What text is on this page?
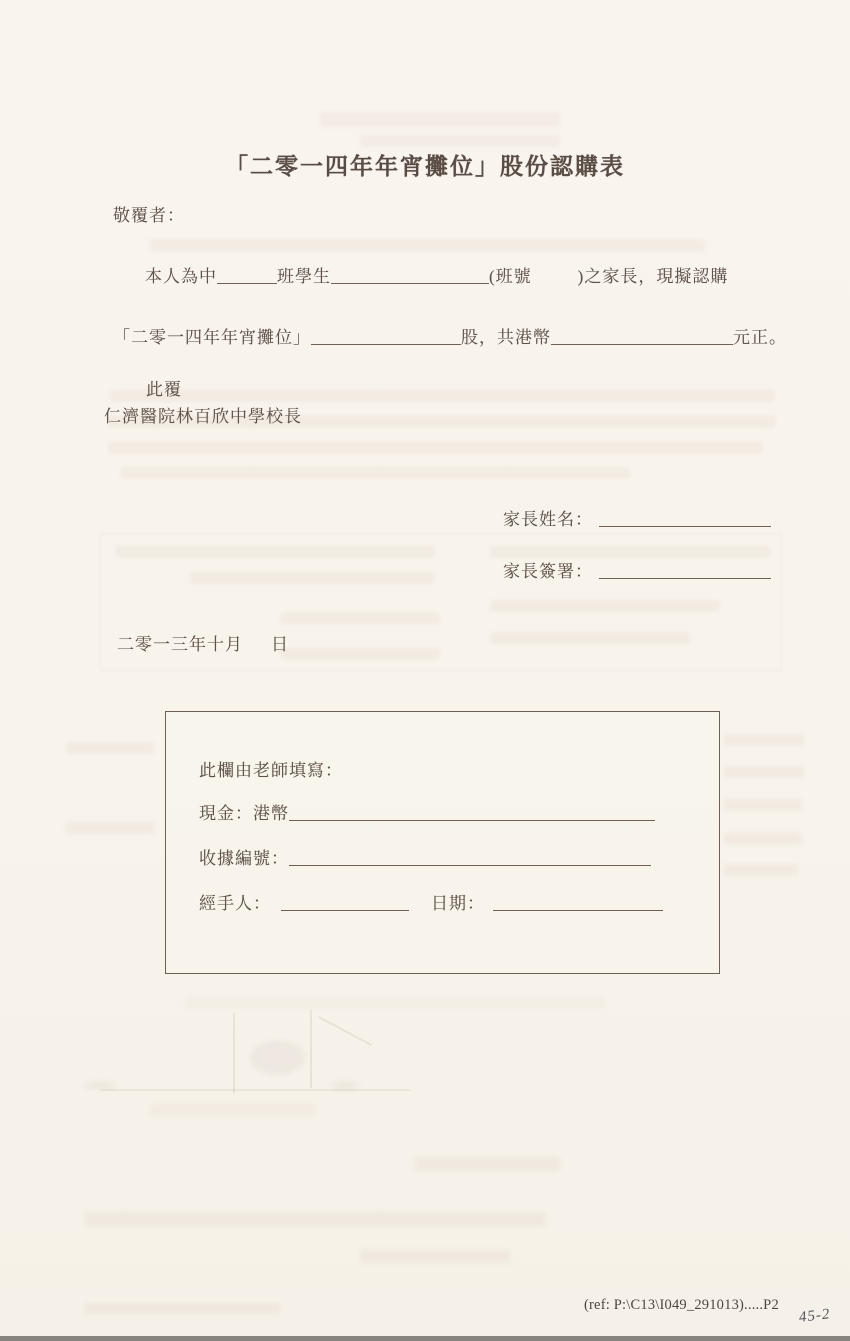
「二零一四年年宵攤位」股份認購表
敬覆者：
本人為中	班學生	(班號	)之家長，現擬認購
「二零一四年年宵攤位」	股，共港幣	元正。
此覆
仁濟醫院林百欣中學校長
家長姓名：
家長簽署：
二零一三年十月 日
此欄由老師填寫：
現金：港幣
收據編號：
經手人：	日期：
(ref: P:\C13\I049_291013).....P2
45-2
